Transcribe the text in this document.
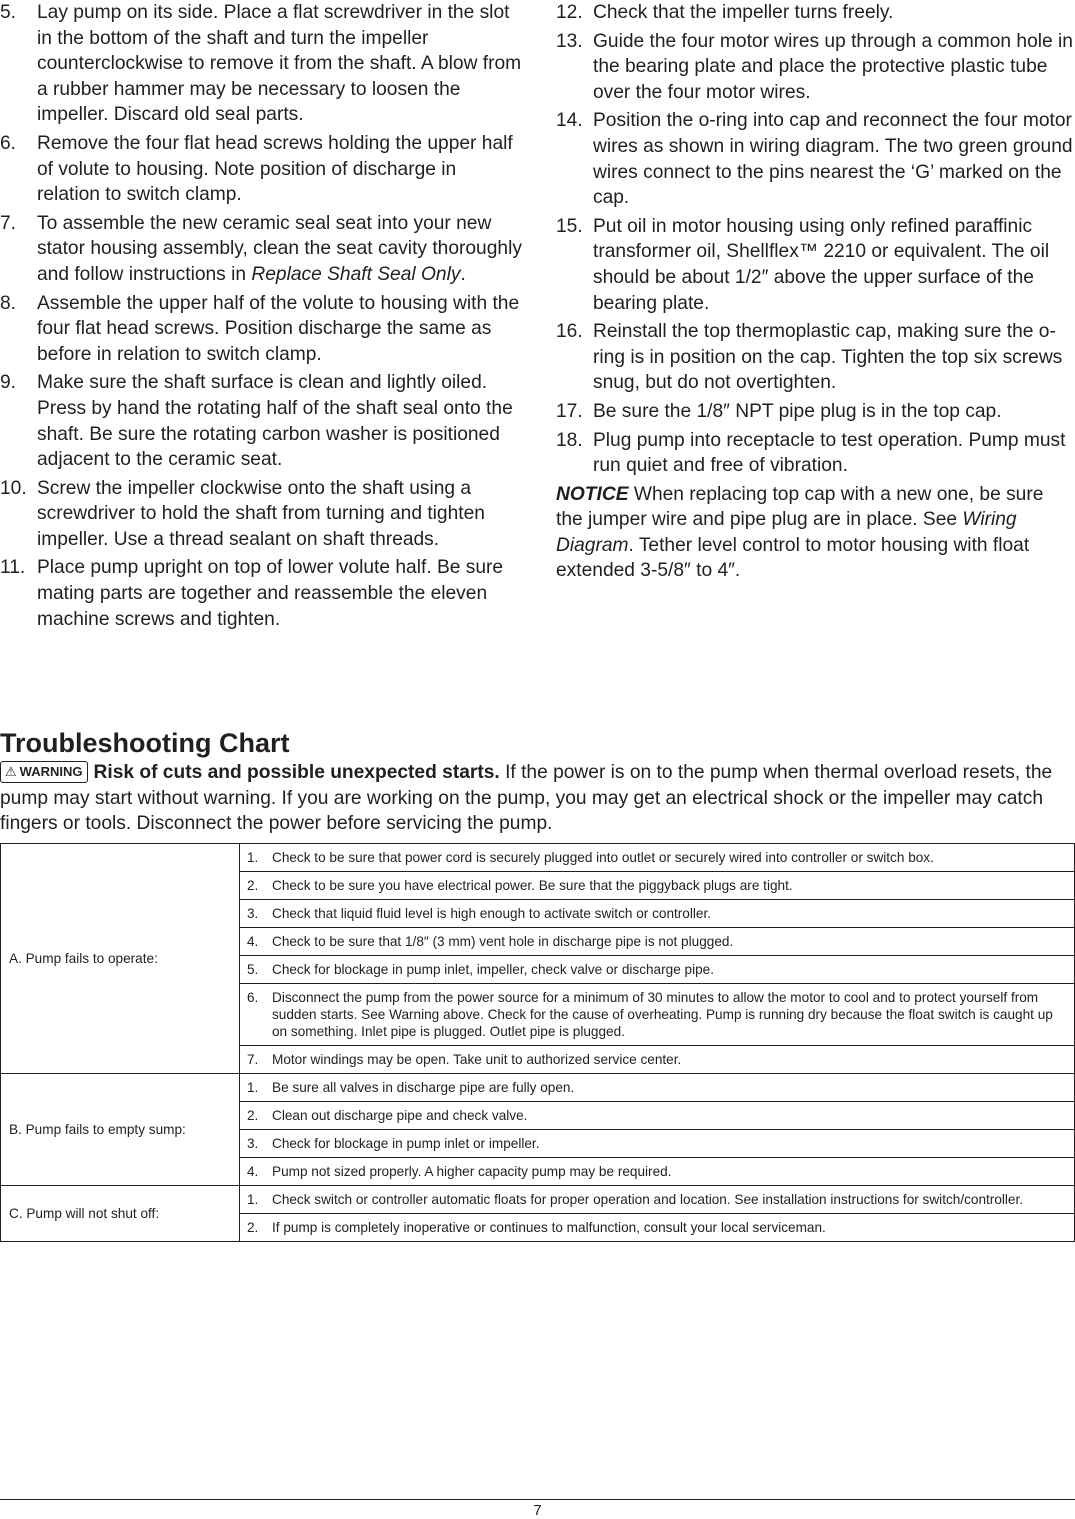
5.	Lay pump on its side. Place a flat screwdriver in the slot in the bottom of the shaft and turn the impeller counterclockwise to remove it from the shaft. A blow from a rubber hammer may be necessary to loosen the impeller. Discard old seal parts.
6.	Remove the four flat head screws holding the upper half of volute to housing. Note position of discharge in relation to switch clamp.
7.	To assemble the new ceramic seal seat into your new stator housing assembly, clean the seat cavity thoroughly and follow instructions in Replace Shaft Seal Only.
8.	Assemble the upper half of the volute to housing with the four flat head screws. Position discharge the same as before in relation to switch clamp.
9.	Make sure the shaft surface is clean and lightly oiled. Press by hand the rotating half of the shaft seal onto the shaft. Be sure the rotating carbon washer is positioned adjacent to the ceramic seat.
10. Screw the impeller clockwise onto the shaft using a screwdriver to hold the shaft from turning and tighten impeller. Use a thread sealant on shaft threads.
11. Place pump upright on top of lower volute half. Be sure mating parts are together and reassemble the eleven machine screws and tighten.
12. Check that the impeller turns freely.
13. Guide the four motor wires up through a common hole in the bearing plate and place the protective plastic tube over the four motor wires.
14. Position the o-ring into cap and reconnect the four motor wires as shown in wiring diagram. The two green ground wires connect to the pins nearest the ‘G’ marked on the cap.
15. Put oil in motor housing using only refined paraffinic transformer oil, Shellflex™ 2210 or equivalent. The oil should be about 1/2″ above the upper surface of the bearing plate.
16. Reinstall the top thermoplastic cap, making sure the o-ring is in position on the cap. Tighten the top six screws snug, but do not overtighten.
17. Be sure the 1/8″ NPT pipe plug is in the top cap.
18. Plug pump into receptacle to test operation. Pump must run quiet and free of vibration.
NOTICE When replacing top cap with a new one, be sure the jumper wire and pipe plug are in place. See Wiring Diagram. Tether level control to motor housing with float extended 3-5/8″ to 4″.
Troubleshooting Chart
⚠ WARNING Risk of cuts and possible unexpected starts. If the power is on to the pump when thermal overload resets, the pump may start without warning. If you are working on the pump, you may get an electrical shock or the impeller may catch fingers or tools. Disconnect the power before servicing the pump.
A. Pump fails to operate:	1. Check to be sure that power cord is securely plugged into outlet or securely wired into controller or switch box.

	2. Check to be sure you have electrical power. Be sure that the piggyback plugs are tight.

	3. Check that liquid fluid level is high enough to activate switch or controller.

	4. Check to be sure that 1/8″ (3 mm) vent hole in discharge pipe is not plugged.

	5. Check for blockage in pump inlet, impeller, check valve or discharge pipe.

	6. Disconnect the pump from the power source for a minimum of 30 minutes to allow the motor to cool and to protect yourself from sudden starts. See Warning above. Check for the cause of overheating. Pump is running dry because the float switch is caught up on something. Inlet pipe is plugged. Outlet pipe is plugged.

	7. Motor windings may be open. Take unit to authorized service center.

B. Pump fails to empty sump:	1. Be sure all valves in discharge pipe are fully open.

	2. Clean out discharge pipe and check valve.

	3. Check for blockage in pump inlet or impeller.

	4. Pump not sized properly. A higher capacity pump may be required.

C. Pump will not shut off:	1. Check switch or controller automatic floats for proper operation and location. See installation instructions for switch/controller.

	2. If pump is completely inoperative or continues to malfunction, consult your local serviceman.
7
